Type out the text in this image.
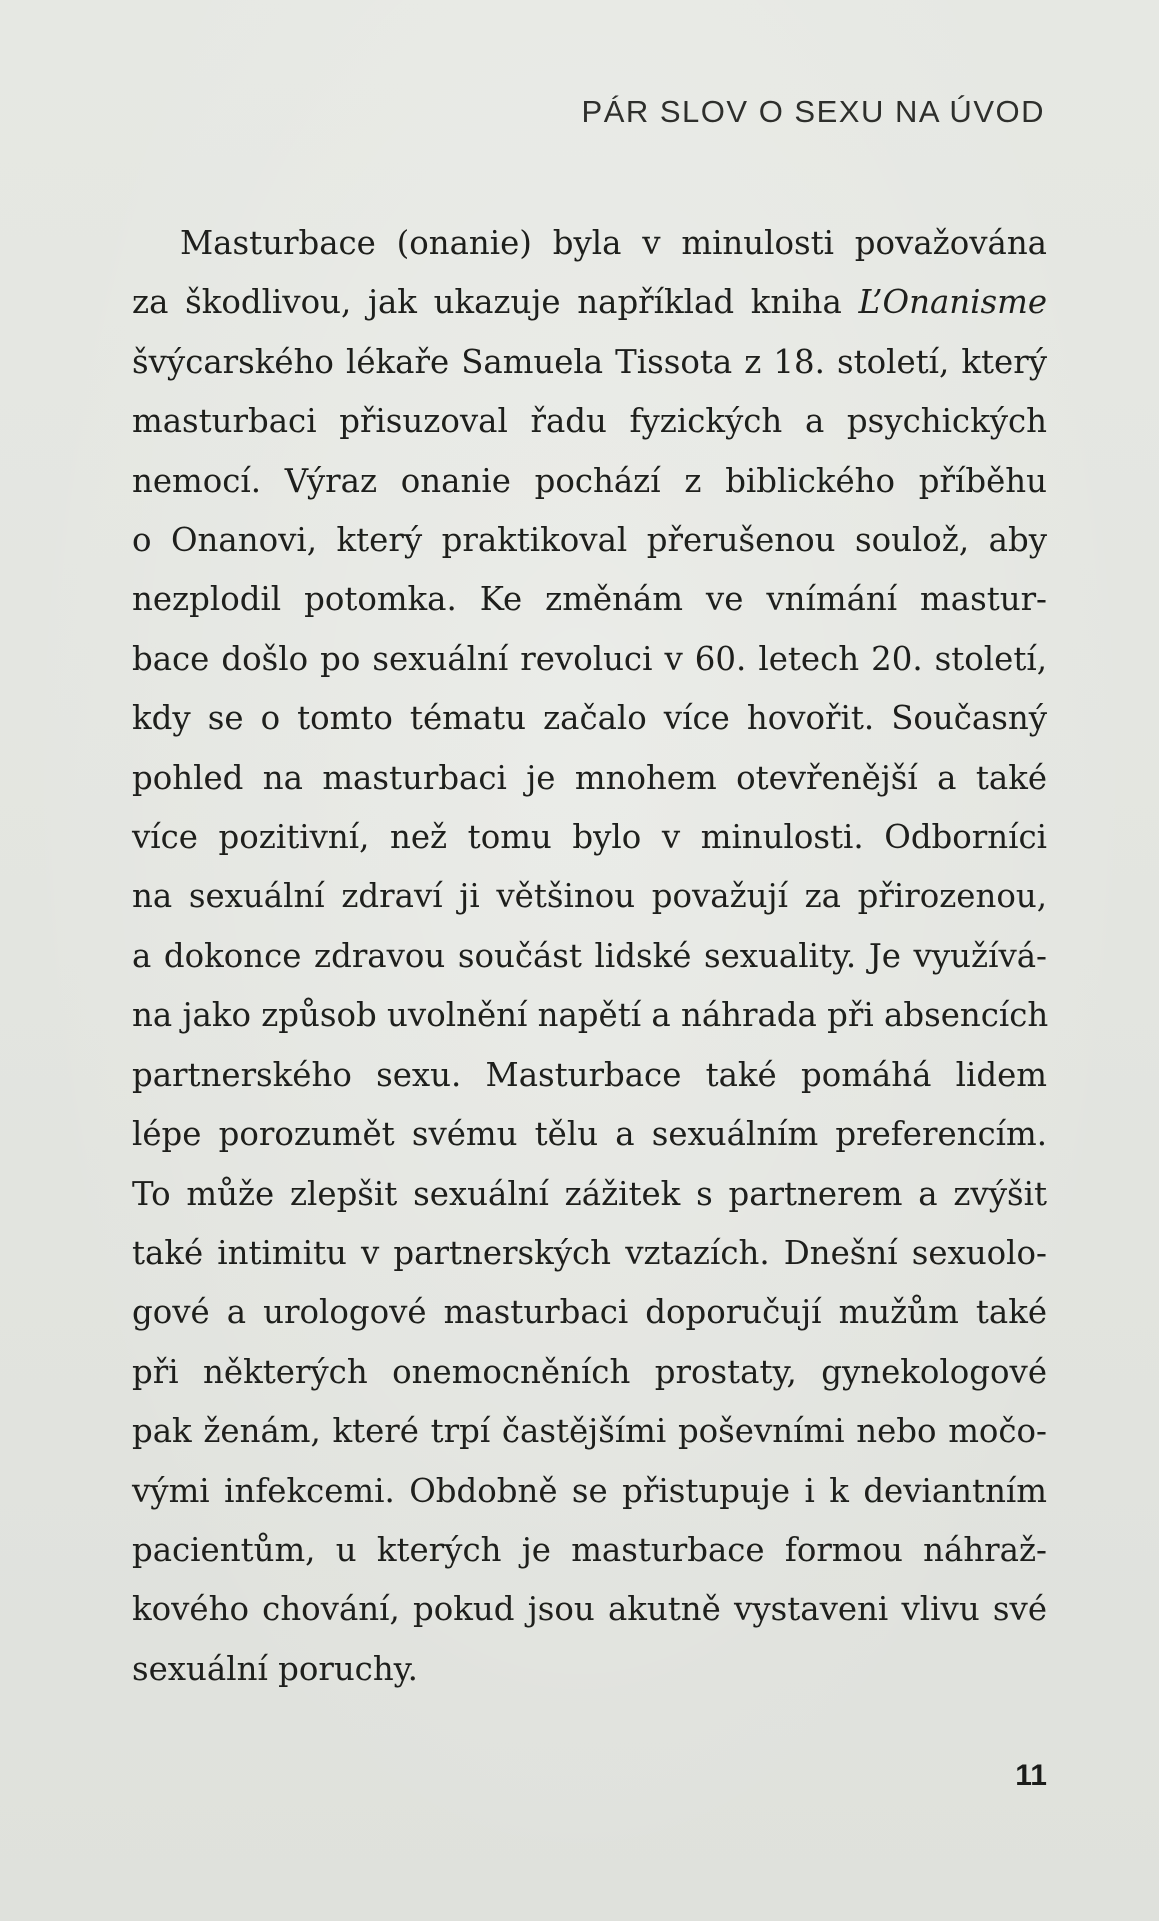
PÁR SLOV O SEXU NA ÚVOD
Masturbace (onanie) byla v minulosti považována
za škodlivou, jak ukazuje například kniha L’Onanisme
švýcarského lékaře Samuela Tissota z 18. století, který
masturbaci přisuzoval řadu fyzických a psychických
nemocí. Výraz onanie pochází z biblického příběhu
o Onanovi, který praktikoval přerušenou soulož, aby
nezplodil potomka. Ke změnám ve vnímání mastur-
bace došlo po sexuální revoluci v 60. letech 20. století,
kdy se o tomto tématu začalo více hovořit. Současný
pohled na masturbaci je mnohem otevřenější a také
více pozitivní, než tomu bylo v minulosti. Odborníci
na sexuální zdraví ji většinou považují za přirozenou,
a dokonce zdravou součást lidské sexuality. Je využívá-
na jako způsob uvolnění napětí a náhrada při absencích
partnerského sexu. Masturbace také pomáhá lidem
lépe porozumět svému tělu a sexuálním preferencím.
To může zlepšit sexuální zážitek s partnerem a zvýšit
také intimitu v partnerských vztazích. Dnešní sexuolo-
gové a urologové masturbaci doporučují mužům také
při některých onemocněních prostaty, gynekologové
pak ženám, které trpí častějšími poševními nebo močo-
vými infekcemi. Obdobně se přistupuje i k deviantním
pacientům, u kterých je masturbace formou náhraž-
kového chování, pokud jsou akutně vystaveni vlivu své
sexuální poruchy.
11
